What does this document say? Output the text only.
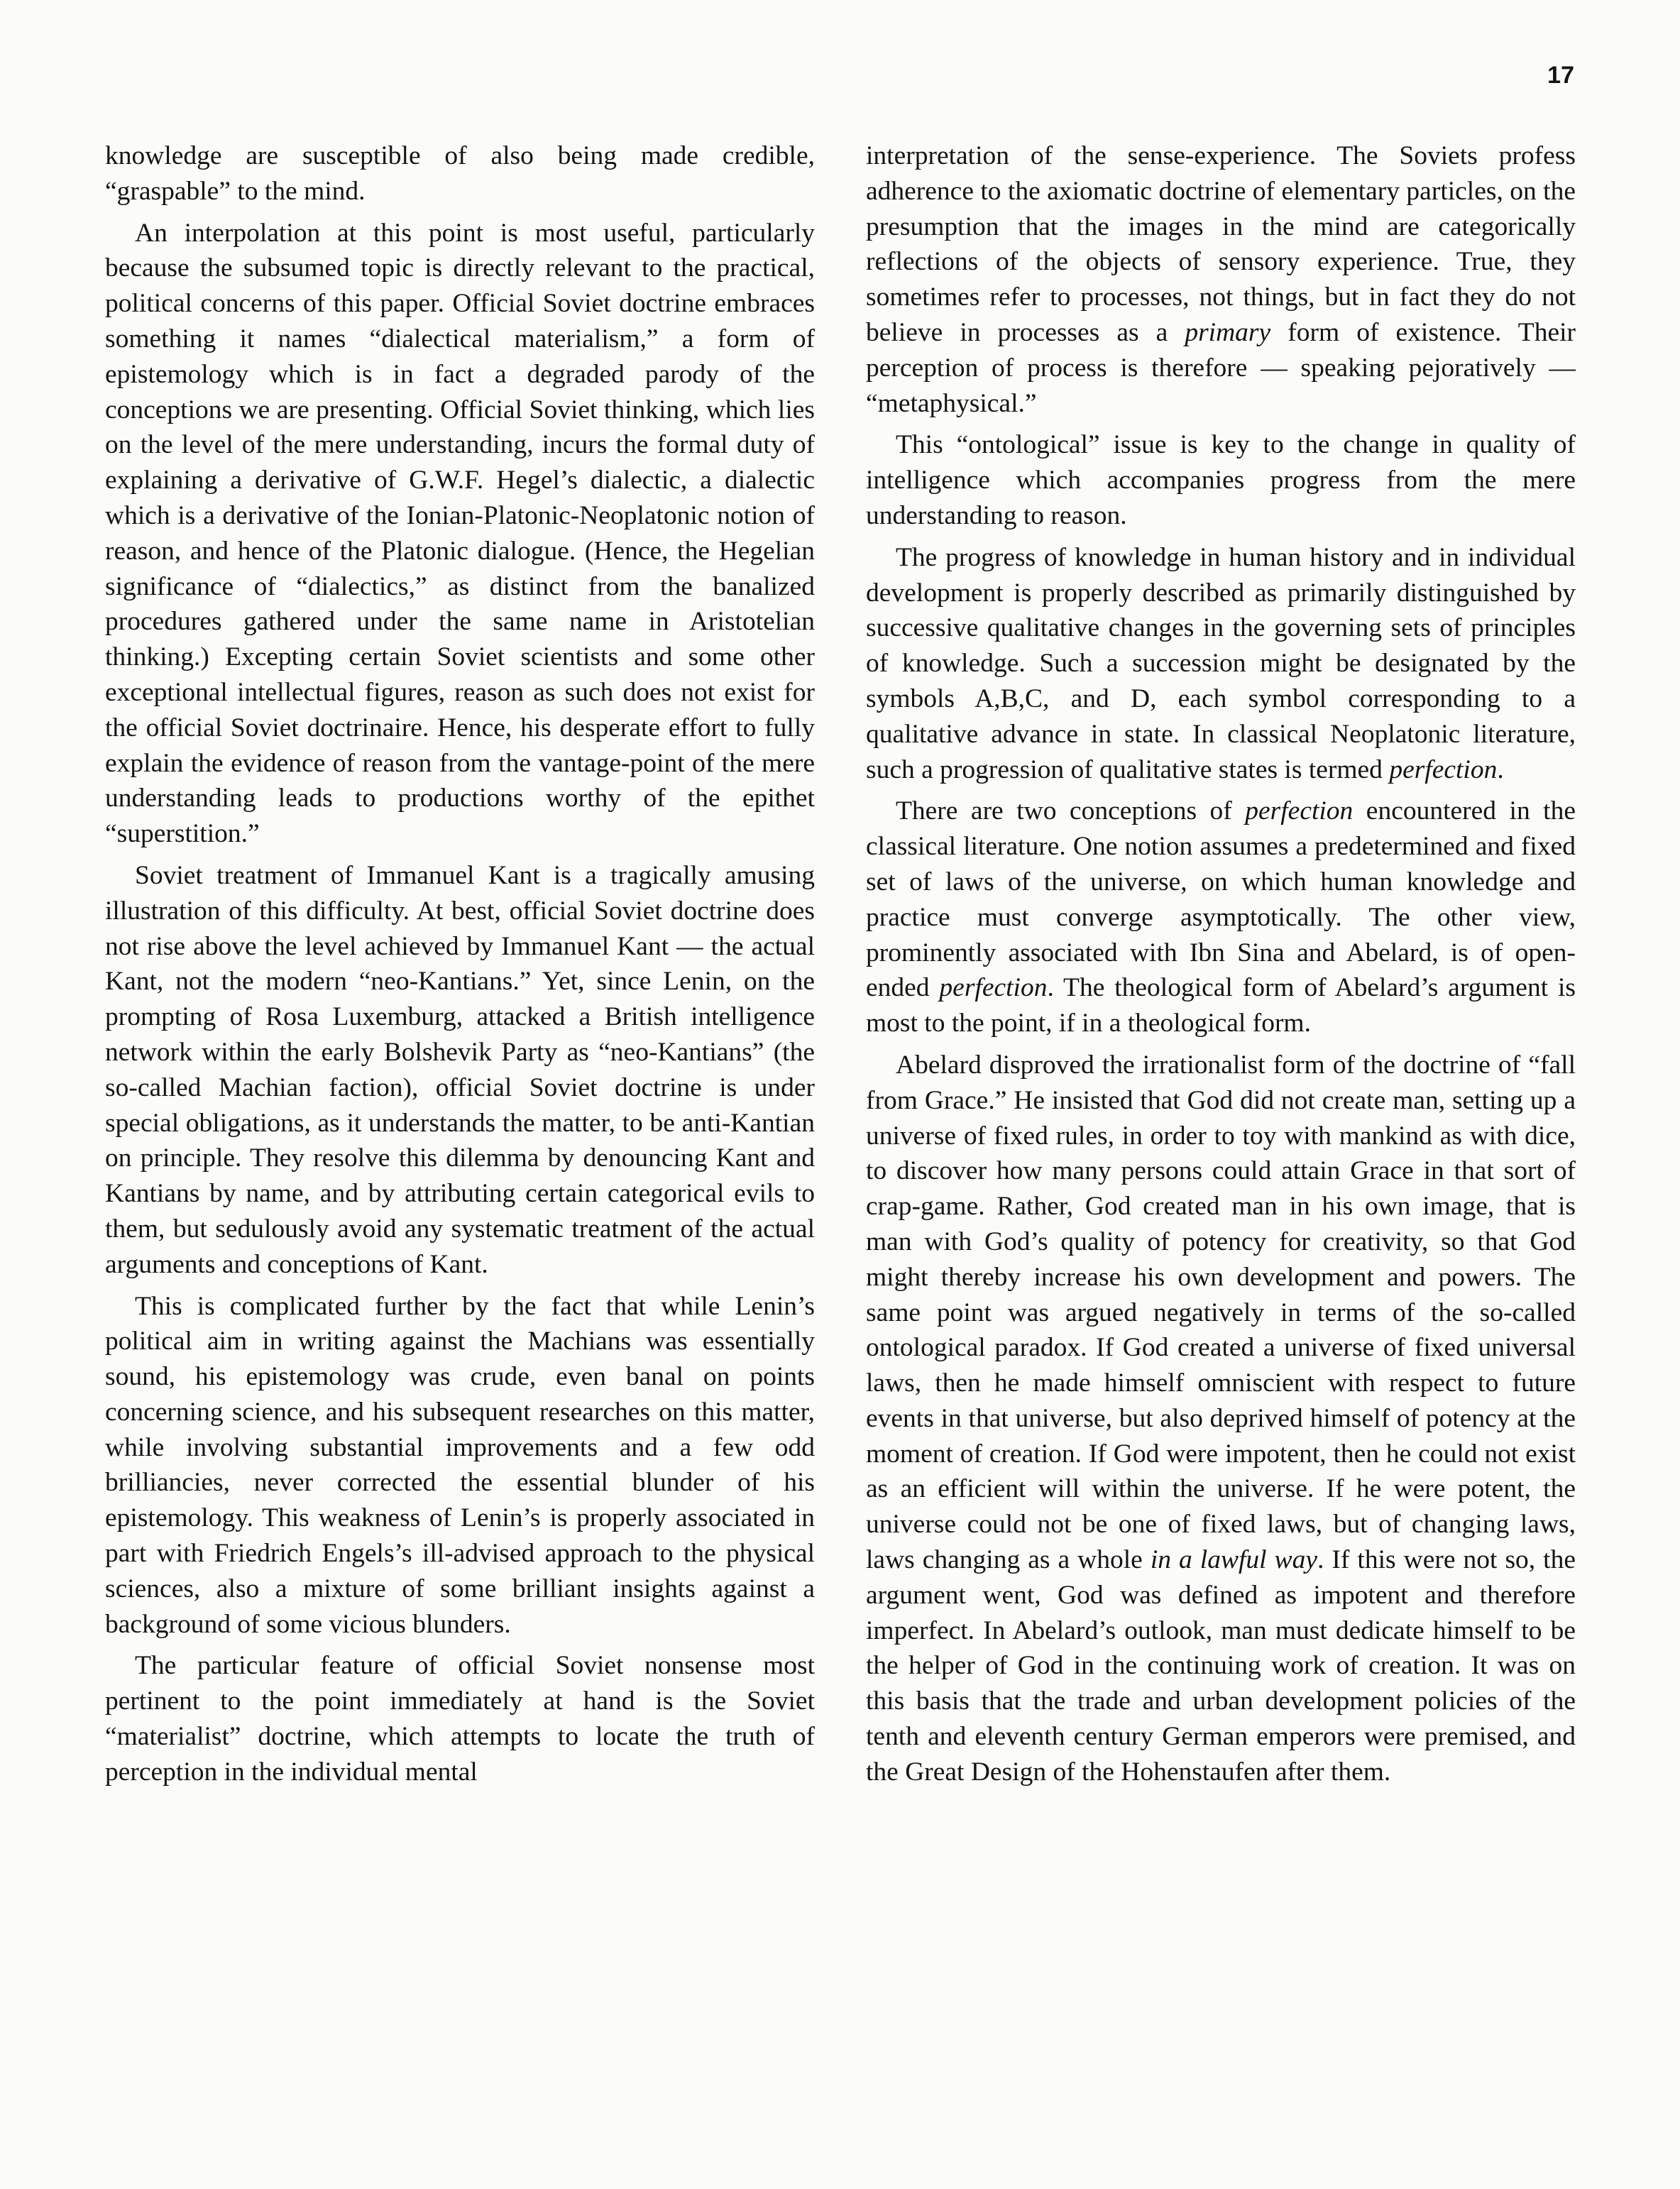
17

knowledge are susceptible of also being made credible, “graspable” to the mind.

An interpolation at this point is most useful, particularly because the subsumed topic is directly relevant to the practical, political concerns of this paper. Official Soviet doctrine embraces something it names “dialectical materialism,” a form of epistemology which is in fact a degraded parody of the conceptions we are presenting. Official Soviet thinking, which lies on the level of the mere understanding, incurs the formal duty of explaining a derivative of G.W.F. Hegel’s dialectic, a dialectic which is a derivative of the Ionian-Platonic-Neoplatonic notion of reason, and hence of the Platonic dialogue. (Hence, the Hegelian significance of “dialectics,” as distinct from the banalized procedures gathered under the same name in Aristotelian thinking.) Excepting certain Soviet scientists and some other exceptional intellectual figures, reason as such does not exist for the official Soviet doctrinaire. Hence, his desperate effort to fully explain the evidence of reason from the vantage-point of the mere understanding leads to productions worthy of the epithet “superstition.”

Soviet treatment of Immanuel Kant is a tragically amusing illustration of this difficulty. At best, official Soviet doctrine does not rise above the level achieved by Immanuel Kant — the actual Kant, not the modern “neo-Kantians.” Yet, since Lenin, on the prompting of Rosa Luxemburg, attacked a British intelligence network within the early Bolshevik Party as “neo-Kantians” (the so-called Machian faction), official Soviet doctrine is under special obligations, as it understands the matter, to be anti-Kantian on principle. They resolve this dilemma by denouncing Kant and Kantians by name, and by attributing certain categorical evils to them, but sedulously avoid any systematic treatment of the actual arguments and conceptions of Kant.

This is complicated further by the fact that while Lenin’s political aim in writing against the Machians was essentially sound, his epistemology was crude, even banal on points concerning science, and his subsequent researches on this matter, while involving substantial improvements and a few odd brilliancies, never corrected the essential blunder of his epistemology. This weakness of Lenin’s is properly associated in part with Friedrich Engels’s ill-advised approach to the physical sciences, also a mixture of some brilliant insights against a background of some vicious blunders.

The particular feature of official Soviet nonsense most pertinent to the point immediately at hand is the Soviet “materialist” doctrine, which attempts to locate the truth of perception in the individual mental

interpretation of the sense-experience. The Soviets profess adherence to the axiomatic doctrine of elementary particles, on the presumption that the images in the mind are categorically reflections of the objects of sensory experience. True, they sometimes refer to processes, not things, but in fact they do not believe in processes as a primary form of existence. Their perception of process is therefore — speaking pejoratively — “metaphysical.”

This “ontological” issue is key to the change in quality of intelligence which accompanies progress from the mere understanding to reason.

The progress of knowledge in human history and in individual development is properly described as primarily distinguished by successive qualitative changes in the governing sets of principles of knowledge. Such a succession might be designated by the symbols A,B,C, and D, each symbol corresponding to a qualitative advance in state. In classical Neoplatonic literature, such a progression of qualitative states is termed perfection.

There are two conceptions of perfection encountered in the classical literature. One notion assumes a predetermined and fixed set of laws of the universe, on which human knowledge and practice must converge asymptotically. The other view, prominently associated with Ibn Sina and Abelard, is of open-ended perfection. The theological form of Abelard’s argument is most to the point, if in a theological form.

Abelard disproved the irrationalist form of the doctrine of “fall from Grace.” He insisted that God did not create man, setting up a universe of fixed rules, in order to toy with mankind as with dice, to discover how many persons could attain Grace in that sort of crap-game. Rather, God created man in his own image, that is man with God’s quality of potency for creativity, so that God might thereby increase his own development and powers. The same point was argued negatively in terms of the so-called ontological paradox. If God created a universe of fixed universal laws, then he made himself omniscient with respect to future events in that universe, but also deprived himself of potency at the moment of creation. If God were impotent, then he could not exist as an efficient will within the universe. If he were potent, the universe could not be one of fixed laws, but of changing laws, laws changing as a whole in a lawful way. If this were not so, the argument went, God was defined as impotent and therefore imperfect. In Abelard’s outlook, man must dedicate himself to be the helper of God in the continuing work of creation. It was on this basis that the trade and urban development policies of the tenth and eleventh century German emperors were premised, and the Great Design of the Hohenstaufen after them.
